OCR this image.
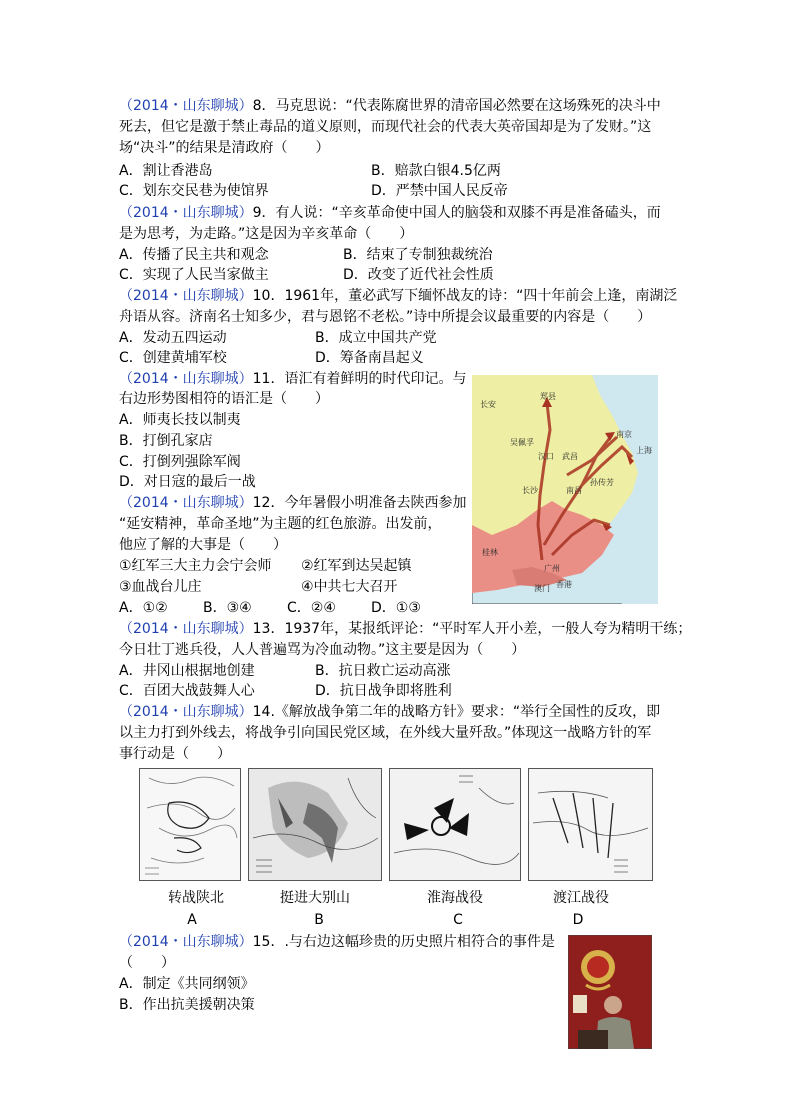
（2014・山东聊城）8．马克思说：“代表陈腐世界的清帝国必然要在这场殊死的决斗中
死去，但它是激于禁止毒品的道义原则，而现代社会的代表大英帝国却是为了发财。”这
场“决斗”的结果是清政府（　　）
A．割让香港岛	B．赔款白银4.5亿两
C．划东交民巷为使馆界	D．严禁中国人民反帝
（2014・山东聊城）9．有人说：“辛亥革命使中国人的脑袋和双膝不再是准备磕头，而
是为思考，为走路。”这是因为辛亥革命（　　）
A．传播了民主共和观念	B．结束了专制独裁统治
C．实现了人民当家做主	D．改变了近代社会性质
（2014・山东聊城）10．1961年，董必武写下缅怀战友的诗：“四十年前会上逢，南湖泛
舟语从容。济南名士知多少，君与恩铭不老松。”诗中所提会议最重要的内容是（　　）
A．发动五四运动	B．成立中国共产党
C．创建黄埔军校	D．筹备南昌起义
（2014・山东聊城）11．语汇有着鲜明的时代印记。与
右边形势图相符的语汇是（　　）
A．师夷长技以制夷
B．打倒孔家店
C．打倒列强除军阀
D．对日寇的最后一战
长安
郑县
南京
上海
汉口 武昌
长沙	南昌
桂林
广州
香港
澳门
吴佩孚
孙传芳
（2014・山东聊城）12．今年暑假小明准备去陕西参加
“延安精神，革命圣地”为主题的红色旅游。出发前，
他应了解的大事是（　　）
①红军三大主力会宁会师 ②红军到达吴起镇
③血战台儿庄	④中共七大召开
A．①②	B．③④	C．②④	D．①③
（2014・山东聊城）13．1937年，某报纸评论：“平时军人开小差，一般人夸为精明干练；
今日壮丁逃兵役，人人普遍骂为冷血动物。”这主要是因为（　　）
A．井冈山根据地创建	B．抗日救亡运动高涨
C．百团大战鼓舞人心	D．抗日战争即将胜利
（2014・山东聊城）14.《解放战争第二年的战略方针》要求：“举行全国性的反攻，即
以主力打到外线去，将战争引向国民党区域，在外线大量歼敌。”体现这一战略方针的军
事行动是（　　）
转战陕北	挺进大别山	淮海战役	渡江战役
A	B	C	D
（2014・山东聊城）15．.与右边这幅珍贵的历史照片相符合的事件是
（　　）
A．制定《共同纲领》
B．作出抗美援朝决策
